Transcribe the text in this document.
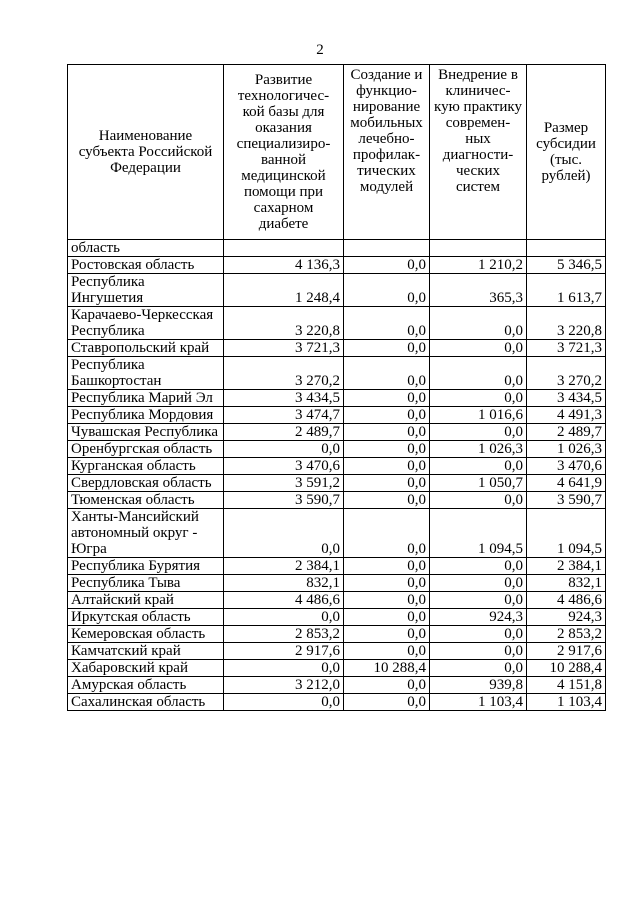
2
Наименование субъекта Российской Федерации	Развитие технологичес-кой базы для оказания специализиро-ванной медицинской помощи при сахарном диабете	Создание и функцио-нирование мобильных лечебно-профилак-тических модулей	Внедрение в клиничес-кую практику современ-ных диагности-ческих систем	Размер субсидии (тыс. рублей)
область				
Ростовская область	4 136,3	0,0	1 210,2	5 346,5
Республика Ингушетия	1 248,4	0,0	365,3	1 613,7
Карачаево-Черкесская Республика	3 220,8	0,0	0,0	3 220,8
Ставропольский край	3 721,3	0,0	0,0	3 721,3
Республика Башкортостан	3 270,2	0,0	0,0	3 270,2
Республика Марий Эл	3 434,5	0,0	0,0	3 434,5
Республика Мордовия	3 474,7	0,0	1 016,6	4 491,3
Чувашская Республика	2 489,7	0,0	0,0	2 489,7
Оренбургская область	0,0	0,0	1 026,3	1 026,3
Курганская область	3 470,6	0,0	0,0	3 470,6
Свердловская область	3 591,2	0,0	1 050,7	4 641,9
Тюменская область	3 590,7	0,0	0,0	3 590,7
Ханты-Мансийский автономный округ - Югра	0,0	0,0	1 094,5	1 094,5
Республика Бурятия	2 384,1	0,0	0,0	2 384,1
Республика Тыва	832,1	0,0	0,0	832,1
Алтайский край	4 486,6	0,0	0,0	4 486,6
Иркутская область	0,0	0,0	924,3	924,3
Кемеровская область	2 853,2	0,0	0,0	2 853,2
Камчатский край	2 917,6	0,0	0,0	2 917,6
Хабаровский край	0,0	10 288,4	0,0	10 288,4
Амурская область	3 212,0	0,0	939,8	4 151,8
Сахалинская область	0,0	0,0	1 103,4	1 103,4
